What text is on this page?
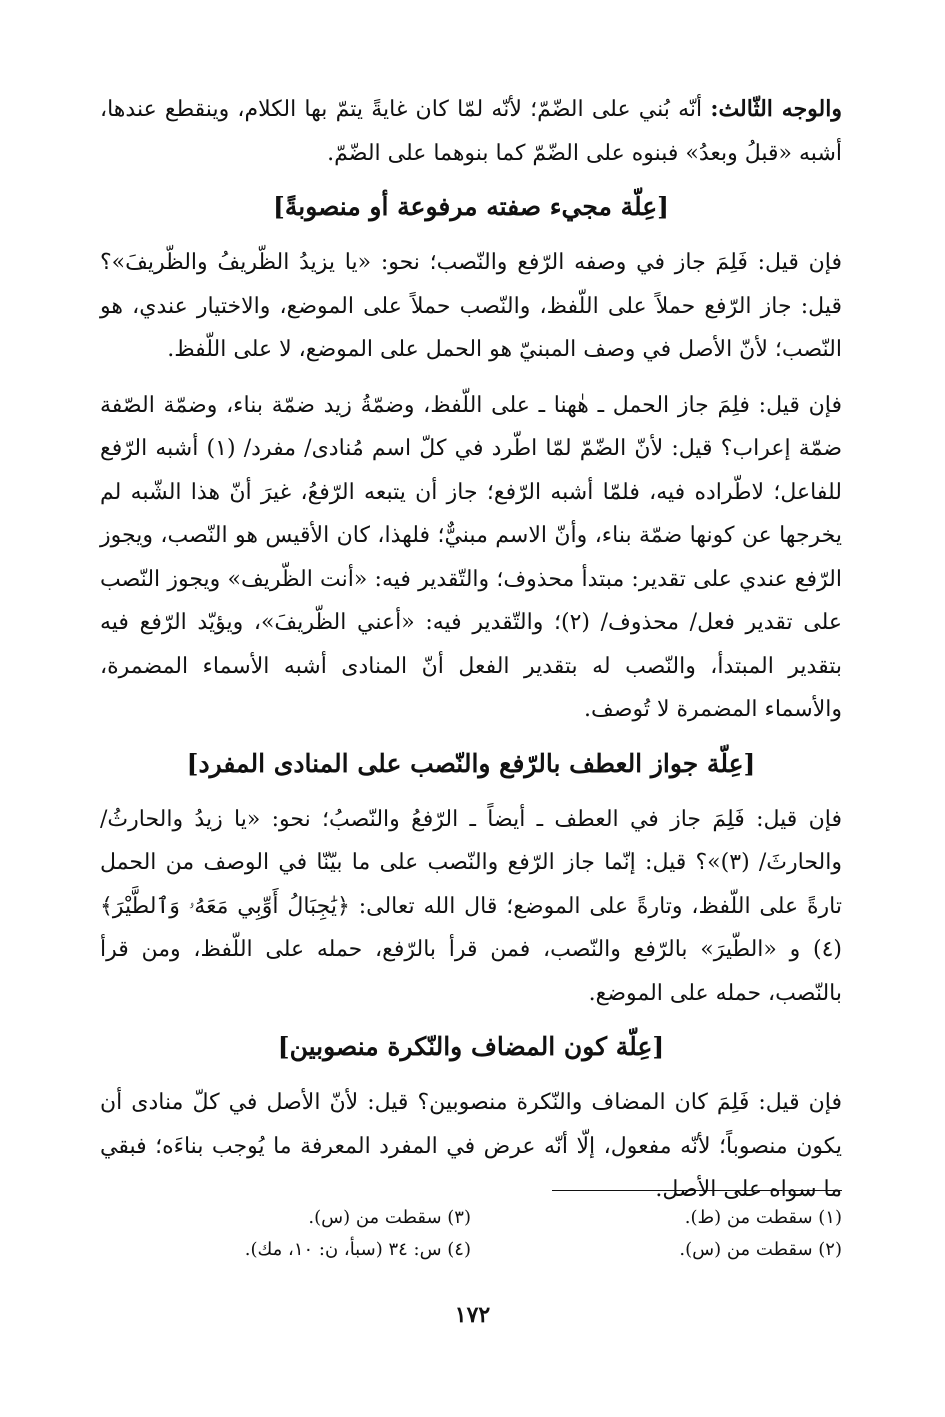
والوجه الثّالث: أنّه بُني على الضّمّ؛ لأنّه لمّا كان غايةً يتمّ بها الكلام، وينقطع عندها، أشبه «قبلُ وبعدُ» فبنوه على الضّمّ كما بنوهما على الضّمّ.

[عِلّة مجيء صفته مرفوعة أو منصوبةً]

فإن قيل: فَلِمَ جاز في وصفه الرّفع والنّصب؛ نحو: «يا يزيدُ الظّريفُ والظّريفَ»؟ قيل: جاز الرّفع حملاً على اللّفظ، والنّصب حملاً على الموضع، والاختيار عندي، هو النّصب؛ لأنّ الأصل في وصف المبنيّ هو الحمل على الموضع، لا على اللّفظ.

فإن قيل: فلِمَ جاز الحمل ـ هٰهنا ـ على اللّفظ، وضمّةُ زيد ضمّة بناء، وضمّة الصّفة ضمّة إعراب؟ قيل: لأنّ الضّمّ لمّا اطّرد في كلّ اسم مُنادى/ مفرد/ (١) أشبه الرّفع للفاعل؛ لاطّراده فيه، فلمّا أشبه الرّفع؛ جاز أن يتبعه الرّفعُ، غيرَ أنّ هذا الشّبه لم يخرجها عن كونها ضمّة بناء، وأنّ الاسم مبنيٌّ؛ فلهذا، كان الأقيس هو النّصب، ويجوز الرّفع عندي على تقدير: مبتدأ محذوف؛ والتّقدير فيه: «أنت الظّريف» ويجوز النّصب على تقدير فعل/ محذوف/ (٢)؛ والتّقدير فيه: «أعني الظّريفَ»، ويؤيّد الرّفع فيه بتقدير المبتدأ، والنّصب له بتقدير الفعل أنّ المنادى أشبه الأسماء المضمرة، والأسماء المضمرة لا تُوصف.

[عِلّة جواز العطف بالرّفع والنّصب على المنادى المفرد]

فإن قيل: فَلِمَ جاز في العطف ـ أيضاً ـ الرّفعُ والنّصبُ؛ نحو: «يا زيدُ والحارثُ/ والحارثَ/ (٣)»؟ قيل: إنّما جاز الرّفع والنّصب على ما بيّنّا في الوصف من الحمل تارةً على اللّفظ، وتارةً على الموضع؛ قال الله تعالى: ﴿يَٰجِبَالُ أَوِّبِي مَعَهُۥ وَٱلطَّيْرَ﴾ (٤) و «الطّيرَ» بالرّفع والنّصب، فمن قرأ بالرّفع، حمله على اللّفظ، ومن قرأ بالنّصب، حمله على الموضع.

[عِلّة كون المضاف والنّكرة منصوبين]

فإن قيل: فَلِمَ كان المضاف والنّكرة منصوبين؟ قيل: لأنّ الأصل في كلّ منادى أن يكون منصوباً؛ لأنّه مفعول، إلّا أنّه عرض في المفرد المعرفة ما يُوجب بناءَه؛ فبقي ما سواه على الأصل.

(١) سقطت من (ط).
(٣) سقطت من (س).
(٢) سقطت من (س).
(٤) س: ٣٤ (سبأ، ن: ١٠، مك).
١٧٢
